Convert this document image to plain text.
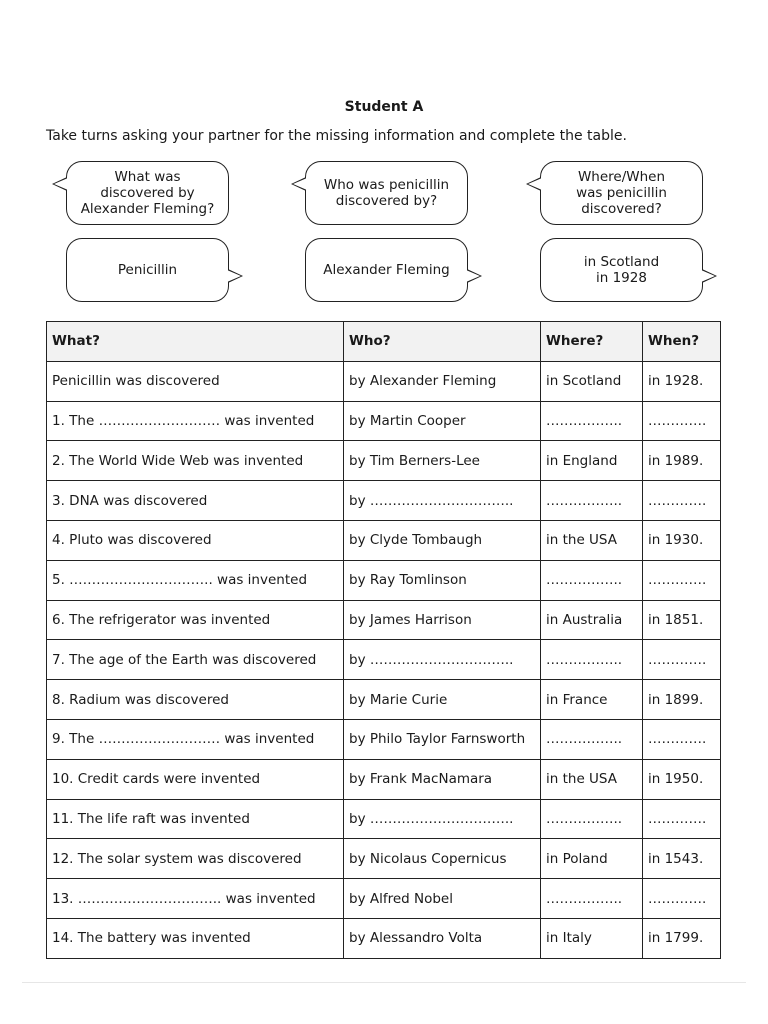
Student A
Take turns asking your partner for the missing information and complete the table.
What was
discovered by
Alexander Fleming?
Who was penicillin
discovered by?
Where/When
was penicillin
discovered?
Penicillin	Alexander Fleming	in Scotland
in 1928
What?	Who?	Where?	When?
Penicillin was discovered	by Alexander Fleming	in Scotland	in 1928.
1. The ……………………… was invented	by Martin Cooper	……………..	………….
2. The World Wide Web was invented	by Tim Berners-Lee	in England	in 1989.
3. DNA was discovered	by …………………………..	……………..	………….
4. Pluto was discovered	by Clyde Tombaugh	in the USA	in 1930.
5. ………………………….. was invented	by Ray Tomlinson	……………..	………….
6. The refrigerator was invented	by James Harrison	in Australia	in 1851.
7. The age of the Earth was discovered	by …………………………..	……………..	………….
8. Radium was discovered	by Marie Curie	in France	in 1899.
9. The ……………………… was invented	by Philo Taylor Farnsworth	……………..	………….
10. Credit cards were invented	by Frank MacNamara	in the USA	in 1950.
11. The life raft was invented	by …………………………..	……………..	………….
12. The solar system was discovered	by Nicolaus Copernicus	in Poland	in 1543.
13. ………………………….. was invented	by Alfred Nobel	……………..	………….
14. The battery was invented	by Alessandro Volta	in Italy	in 1799.
